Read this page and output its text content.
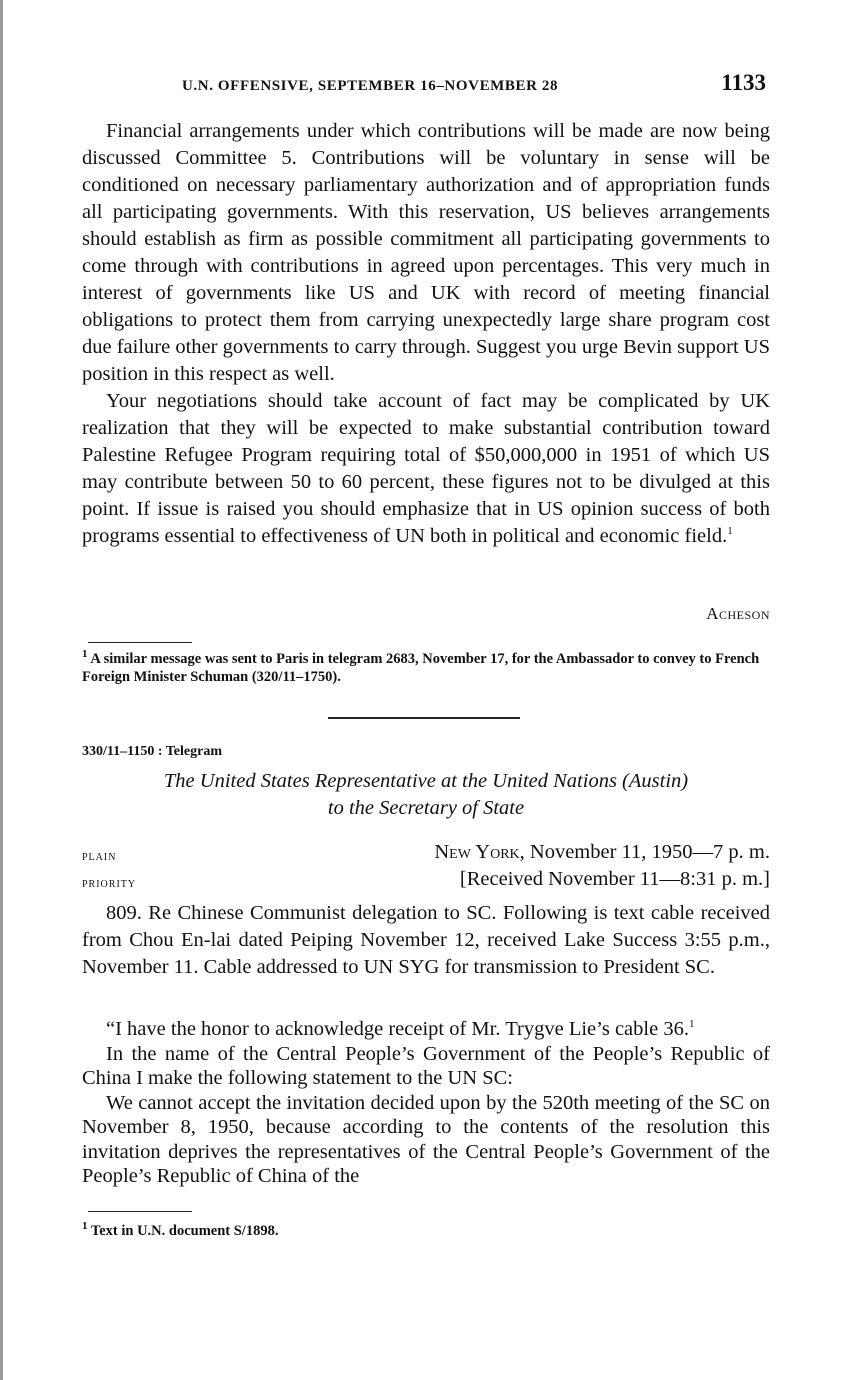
U.N. OFFENSIVE, SEPTEMBER 16–NOVEMBER 28	1133

Financial arrangements under which contributions will be made are now being discussed Committee 5. Contributions will be voluntary in sense will be conditioned on necessary parliamentary authorization and of appropriation funds all participating governments. With this reservation, US believes arrangements should establish as firm as possible commitment all participating governments to come through with contributions in agreed upon percentages. This very much in interest of governments like US and UK with record of meeting financial obligations to protect them from carrying unexpectedly large share program cost due failure other governments to carry through. Suggest you urge Bevin support US position in this respect as well.

Your negotiations should take account of fact may be complicated by UK realization that they will be expected to make substantial contribution toward Palestine Refugee Program requiring total of $50,000,000 in 1951 of which US may contribute between 50 to 60 percent, these figures not to be divulged at this point. If issue is raised you should emphasize that in US opinion success of both programs essential to effectiveness of UN both in political and economic field.$^1$

Acheson
$^1$ A similar message was sent to Paris in telegram 2683, November 17, for the Ambassador to convey to French Foreign Minister Schuman (320/11–1750).
330/11–1150 : Telegram
The United States Representative at the United Nations (Austin)
to the Secretary of State
plain	New York, November 11, 1950—7 p. m.
priority	[Received November 11—8:31 p. m.]

809. Re Chinese Communist delegation to SC. Following is text cable received from Chou En-lai dated Peiping November 12, received Lake Success 3:55 p.m., November 11. Cable addressed to UN SYG for transmission to President SC.

“I have the honor to acknowledge receipt of Mr. Trygve Lie’s cable 36.$^1$

In the name of the Central People’s Government of the People’s Republic of China I make the following statement to the UN SC:

We cannot accept the invitation decided upon by the 520th meeting of the SC on November 8, 1950, because according to the contents of the resolution this invitation deprives the representatives of the Central People’s Government of the People’s Republic of China of the

$^1$ Text in U.N. document S/1898.
